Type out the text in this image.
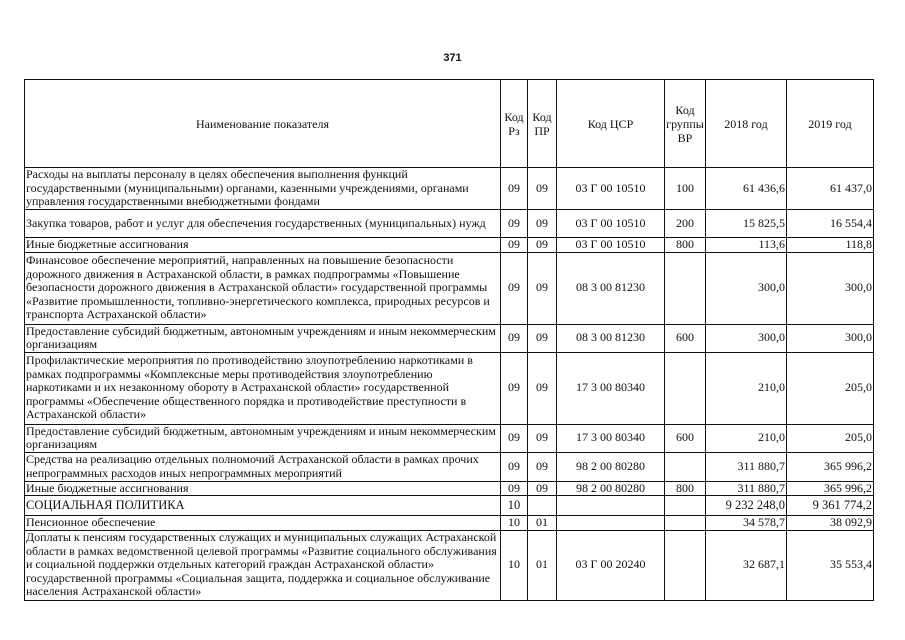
371
Наименование показателя	Код Рз	Код ПР	Код ЦСР	Код группы ВР	2018 год	2019 год
Расходы на выплаты персоналу в целях обеспечения выполнения функций государственными (муниципальными) органами, казенными учреждениями, органами управления государственными внебюджетными фондами	09	09	03 Г 00 10510	100	61 436,6	61 437,0
Закупка товаров, работ и услуг для обеспечения государственных (муниципальных) нужд	09	09	03 Г 00 10510	200	15 825,5	16 554,4
Иные бюджетные ассигнования	09	09	03 Г 00 10510	800	113,6	118,8
Финансовое обеспечение мероприятий, направленных на повышение безопасности дорожного движения в Астраханской области, в рамках подпрограммы «Повышение безопасности дорожного движения в Астраханской области» государственной программы «Развитие промышленности, топливно-энергетического комплекса, природных ресурсов и транспорта Астраханской области»	09	09	08 3 00 81230		300,0	300,0
Предоставление субсидий бюджетным, автономным учреждениям и иным некоммерческим организациям	09	09	08 3 00 81230	600	300,0	300,0
Профилактические мероприятия по противодействию злоупотреблению наркотиками в рамках подпрограммы «Комплексные меры противодействия злоупотреблению наркотиками и их незаконному обороту в Астраханской области» государственной программы «Обеспечение общественного порядка и противодействие преступности в Астраханской области»	09	09	17 3 00 80340		210,0	205,0
Предоставление субсидий бюджетным, автономным учреждениям и иным некоммерческим организациям	09	09	17 3 00 80340	600	210,0	205,0
Средства на реализацию отдельных полномочий Астраханской области в рамках прочих непрограммных расходов иных непрограммных мероприятий	09	09	98 2 00 80280		311 880,7	365 996,2
Иные бюджетные ассигнования	09	09	98 2 00 80280	800	311 880,7	365 996,2
СОЦИАЛЬНАЯ ПОЛИТИКА	10				9 232 248,0	9 361 774,2
Пенсионное обеспечение	10	01			34 578,7	38 092,9
Доплаты к пенсиям государственных служащих и муниципальных служащих Астраханской области в рамках ведомственной целевой программы «Развитие социального обслуживания и социальной поддержки отдельных категорий граждан Астраханской области» государственной программы «Социальная защита, поддержка и социальное обслуживание населения Астраханской области»	10	01	03 Г 00 20240		32 687,1	35 553,4
